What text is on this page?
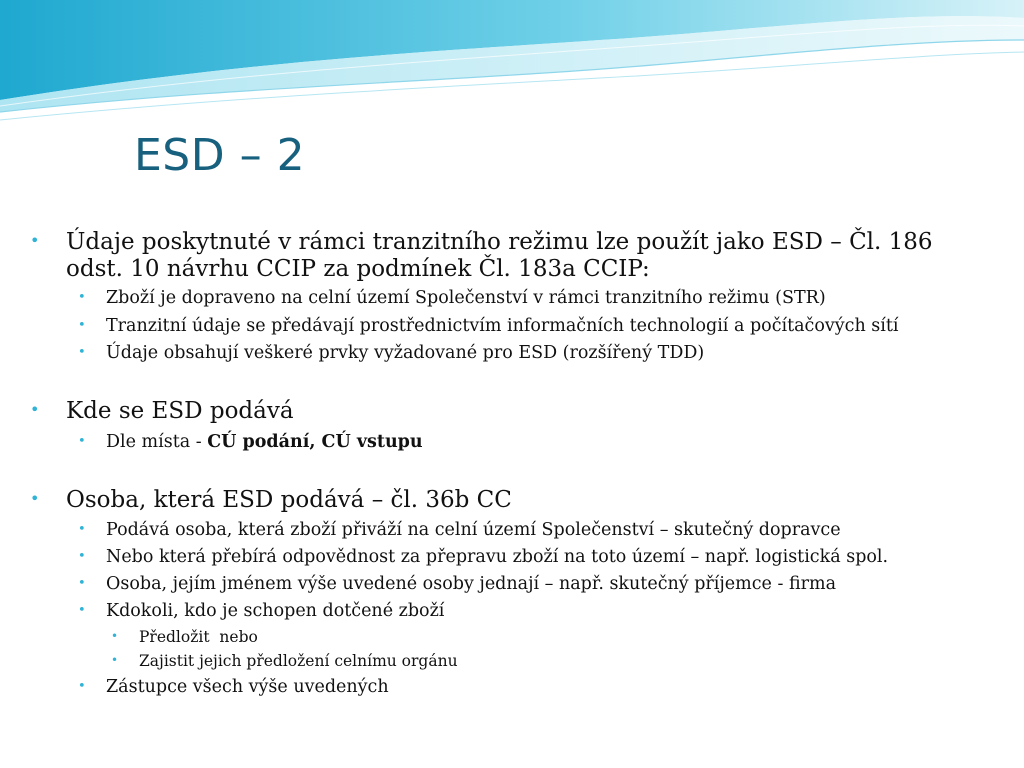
ESD – 2
• Údaje poskytnuté v rámci tranzitního režimu lze použít jako ESD – Čl. 186
odst. 10 návrhu CCIP za podmínek Čl. 183a CCIP:
• Zboží je dopraveno na celní území Společenství v rámci tranzitního režimu (STR)
• Tranzitní údaje se předávají prostřednictvím informačních technologií a počítačových sítí
• Údaje obsahují veškeré prvky vyžadované pro ESD (rozšířený TDD)
• Kde se ESD podává
• Dle místa - CÚ podání, CÚ vstupu
• Osoba, která ESD podává – čl. 36b CC
• Podává osoba, která zboží přiváží na celní území Společenství – skutečný dopravce
• Nebo která přebírá odpovědnost za přepravu zboží na toto území – např. logistická spol.
• Osoba, jejím jménem výše uvedené osoby jednají – např. skutečný příjemce - firma
• Kdokoli, kdo je schopen dotčené zboží
• Předložit  nebo
• Zajistit jejich předložení celnímu orgánu
• Zástupce všech výše uvedených
